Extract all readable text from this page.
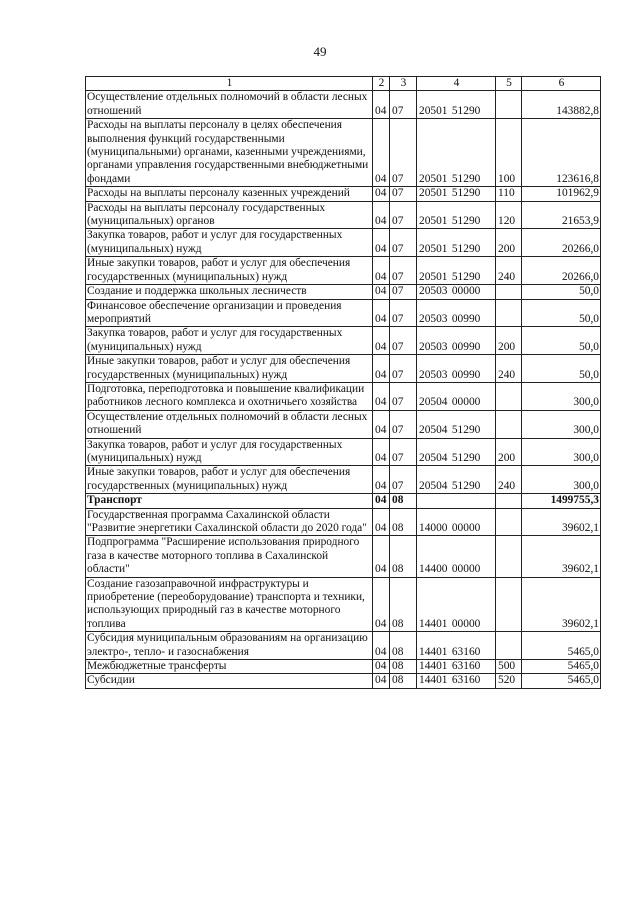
49
1	2	3	4	5	6
Осуществление отдельных полномочий в области лесных отношений	04	07	20501 51290		143882,8
Расходы на выплаты персоналу в целях обеспечения выполнения функций государственными (муниципальными) органами, казенными учреждениями, органами управления государственными внебюджетными фондами	04	07	20501 51290	100	123616,8
Расходы на выплаты персоналу казенных учреждений	04	07	20501 51290	110	101962,9
Расходы на выплаты персоналу государственных (муниципальных) органов	04	07	20501 51290	120	21653,9
Закупка товаров, работ и услуг для государственных (муниципальных) нужд	04	07	20501 51290	200	20266,0
Иные закупки товаров, работ и услуг для обеспечения государственных (муниципальных) нужд	04	07	20501 51290	240	20266,0
Создание и поддержка школьных лесничеств	04	07	20503 00000		50,0
Финансовое обеспечение организации и проведения мероприятий	04	07	20503 00990		50,0
Закупка товаров, работ и услуг для государственных (муниципальных) нужд	04	07	20503 00990	200	50,0
Иные закупки товаров, работ и услуг для обеспечения государственных (муниципальных) нужд	04	07	20503 00990	240	50,0
Подготовка, переподготовка и повышение квалификации работников лесного комплекса и охотничьего хозяйства	04	07	20504 00000		300,0
Осуществление отдельных полномочий в области лесных отношений	04	07	20504 51290		300,0
Закупка товаров, работ и услуг для государственных (муниципальных) нужд	04	07	20504 51290	200	300,0
Иные закупки товаров, работ и услуг для обеспечения государственных (муниципальных) нужд	04	07	20504 51290	240	300,0
Транспорт	04	08			1499755,3
Государственная программа Сахалинской области "Развитие энергетики Сахалинской области до 2020 года"	04	08	14000 00000		39602,1
Подпрограмма "Расширение использования природного газа в качестве моторного топлива в Сахалинской области"	04	08	14400 00000		39602,1
Создание газозаправочной инфраструктуры и приобретение (переоборудование) транспорта и техники, использующих природный газ в качестве моторного топлива	04	08	14401 00000		39602,1
Субсидия муниципальным образованиям на организацию электро-, тепло- и газоснабжения	04	08	14401 63160		5465,0
Межбюджетные трансферты	04	08	14401 63160	500	5465,0
Субсидии	04	08	14401 63160	520	5465,0
